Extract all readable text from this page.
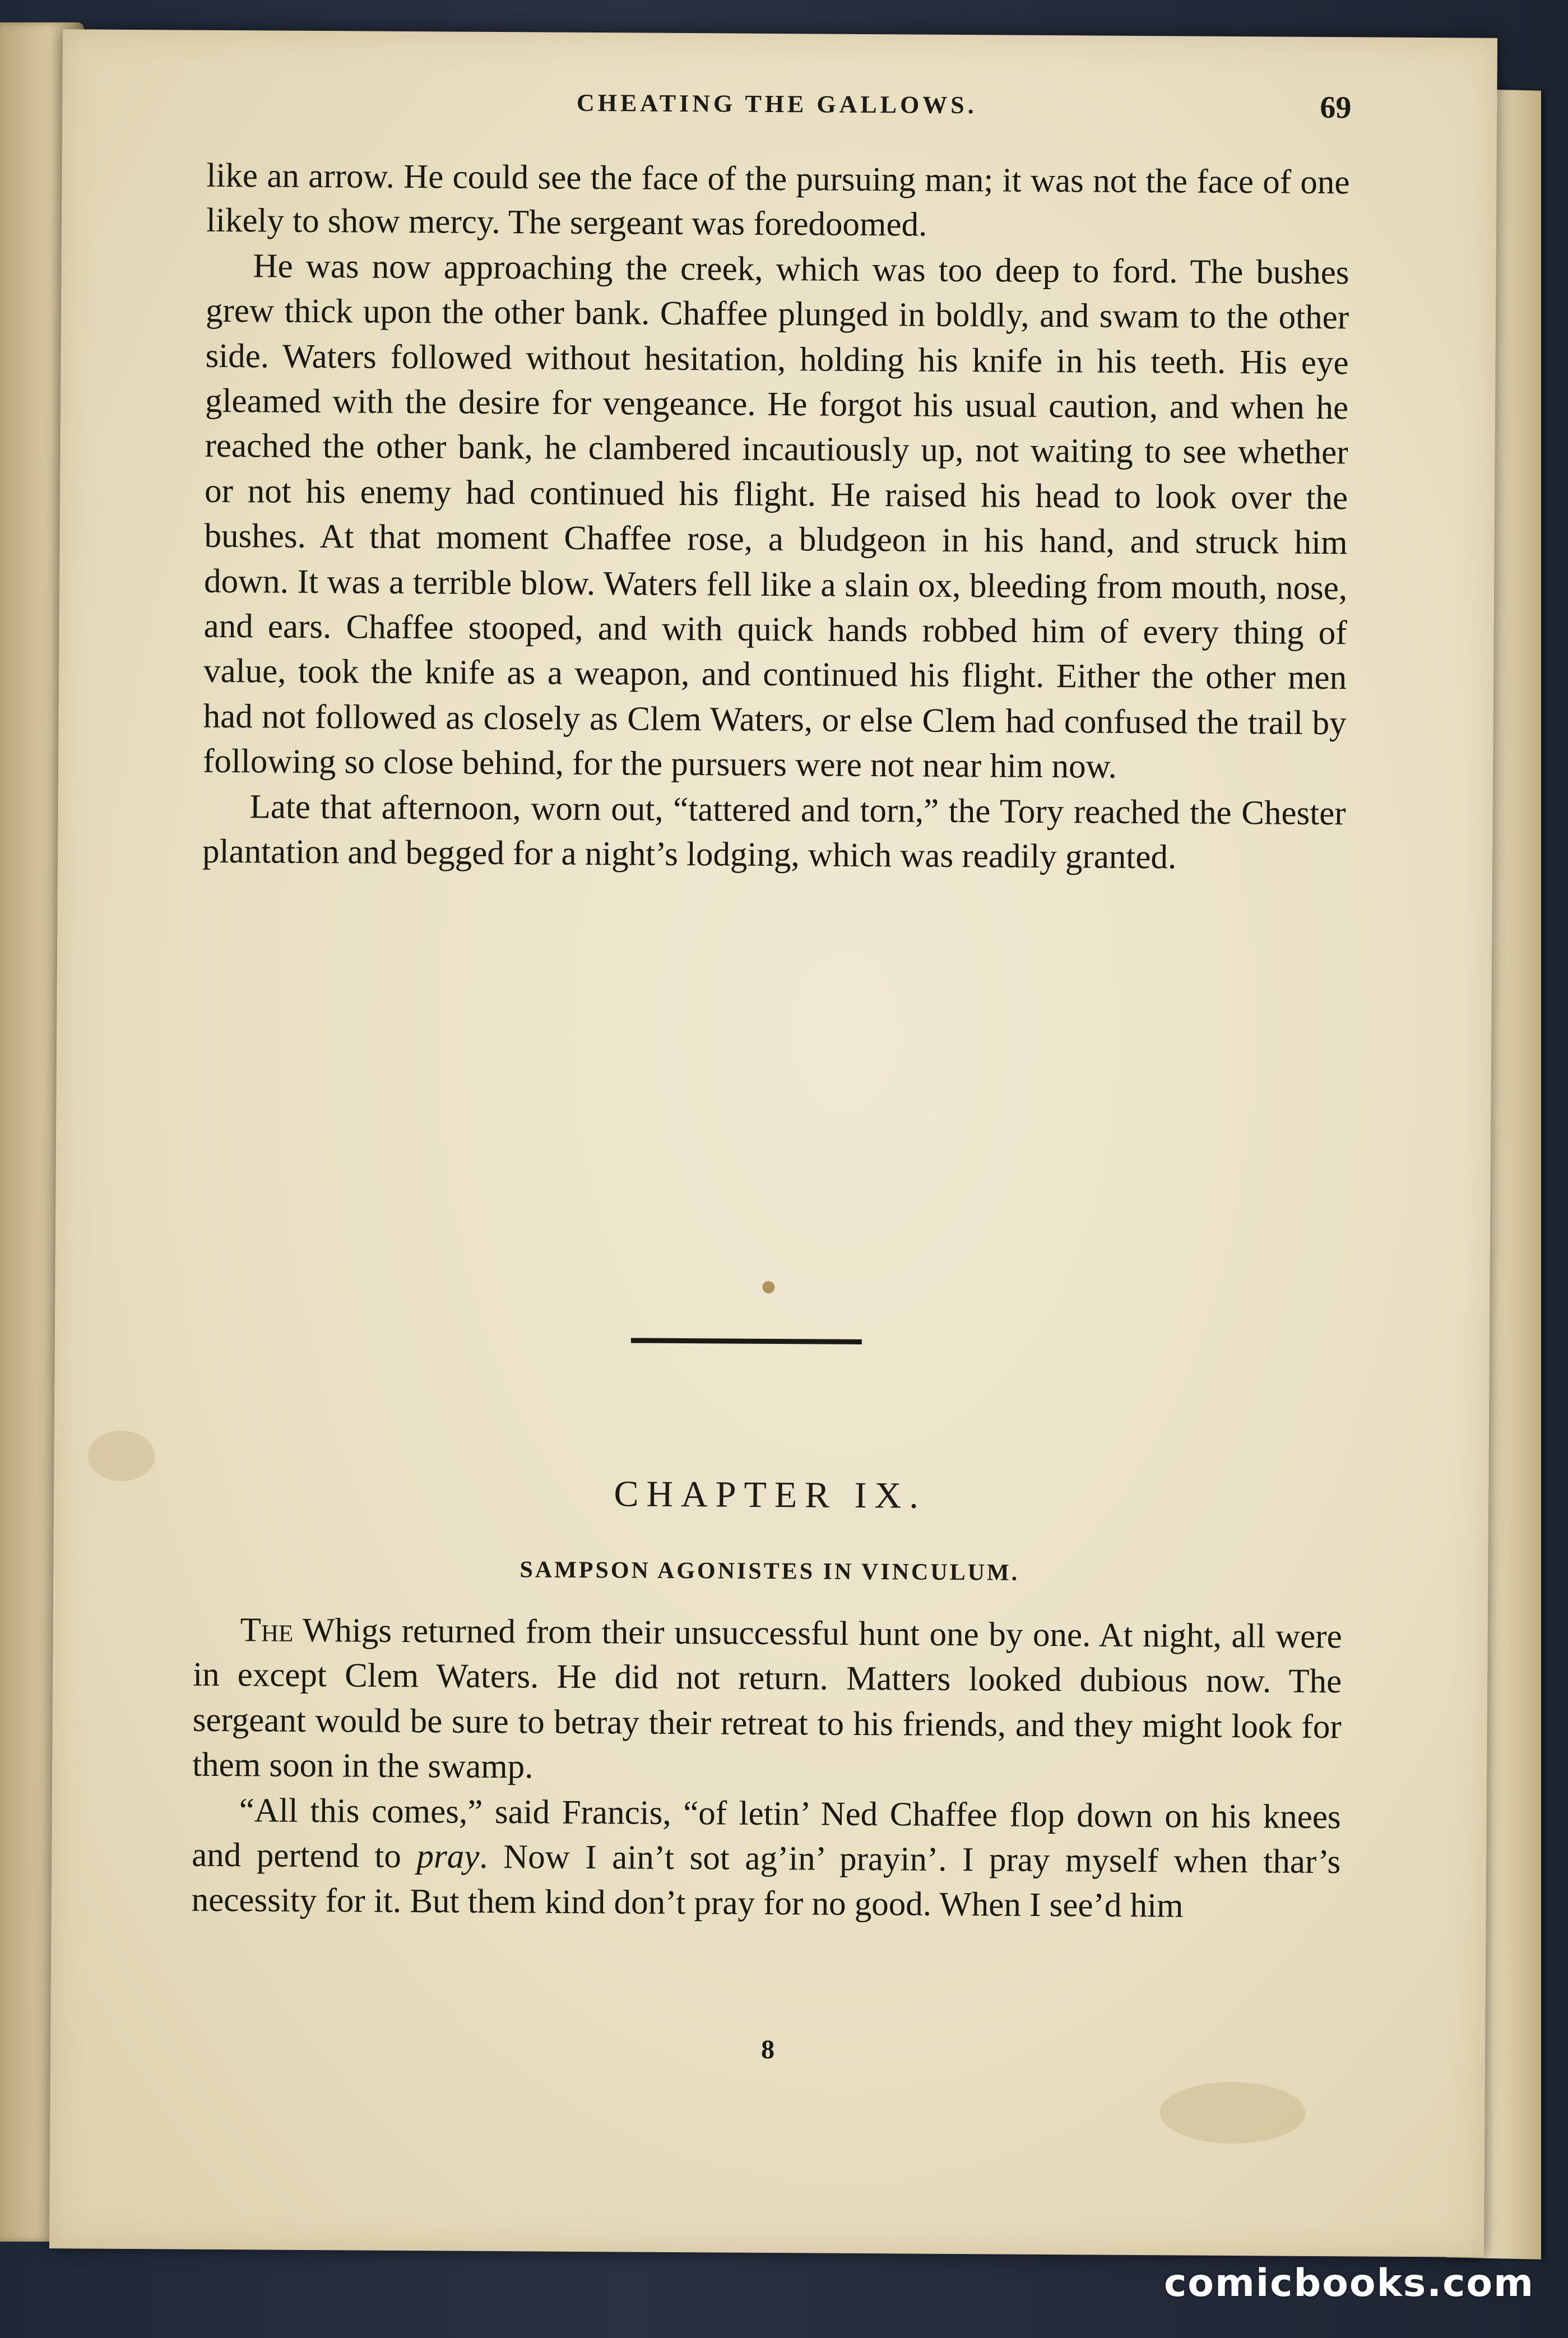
CHEATING THE GALLOWS.	69

like an arrow. He could see the face of the pursuing man; it was not the face of one likely to show mercy. The sergeant was foredoomed.

He was now approaching the creek, which was too deep to ford. The bushes grew thick upon the other bank. Chaffee plunged in boldly, and swam to the other side. Waters followed without hesitation, holding his knife in his teeth. His eye gleamed with the desire for vengeance. He forgot his usual caution, and when he reached the other bank, he clambered incautiously up, not waiting to see whether or not his enemy had continued his flight. He raised his head to look over the bushes. At that moment Chaffee rose, a bludgeon in his hand, and struck him down. It was a terrible blow. Waters fell like a slain ox, bleeding from mouth, nose, and ears. Chaffee stooped, and with quick hands robbed him of every thing of value, took the knife as a weapon, and continued his flight. Either the other men had not followed as closely as Clem Waters, or else Clem had confused the trail by following so close behind, for the pursuers were not near him now.

Late that afternoon, worn out, “tattered and torn,” the Tory reached the Chester plantation and begged for a night’s lodging, which was readily granted.

CHAPTER IX.
SAMPSON AGONISTES IN VINCULUM.

The Whigs returned from their unsuccessful hunt one by one. At night, all were in except Clem Waters. He did not return. Matters looked dubious now. The sergeant would be sure to betray their retreat to his friends, and they might look for them soon in the swamp.

“All this comes,” said Francis, “of letin’ Ned Chaffee flop down on his knees and pertend to pray. Now I ain’t sot ag’in’ prayin’. I pray myself when thar’s necessity for it. But them kind don’t pray for no good. When I see’d him

8
comicbooks.com
